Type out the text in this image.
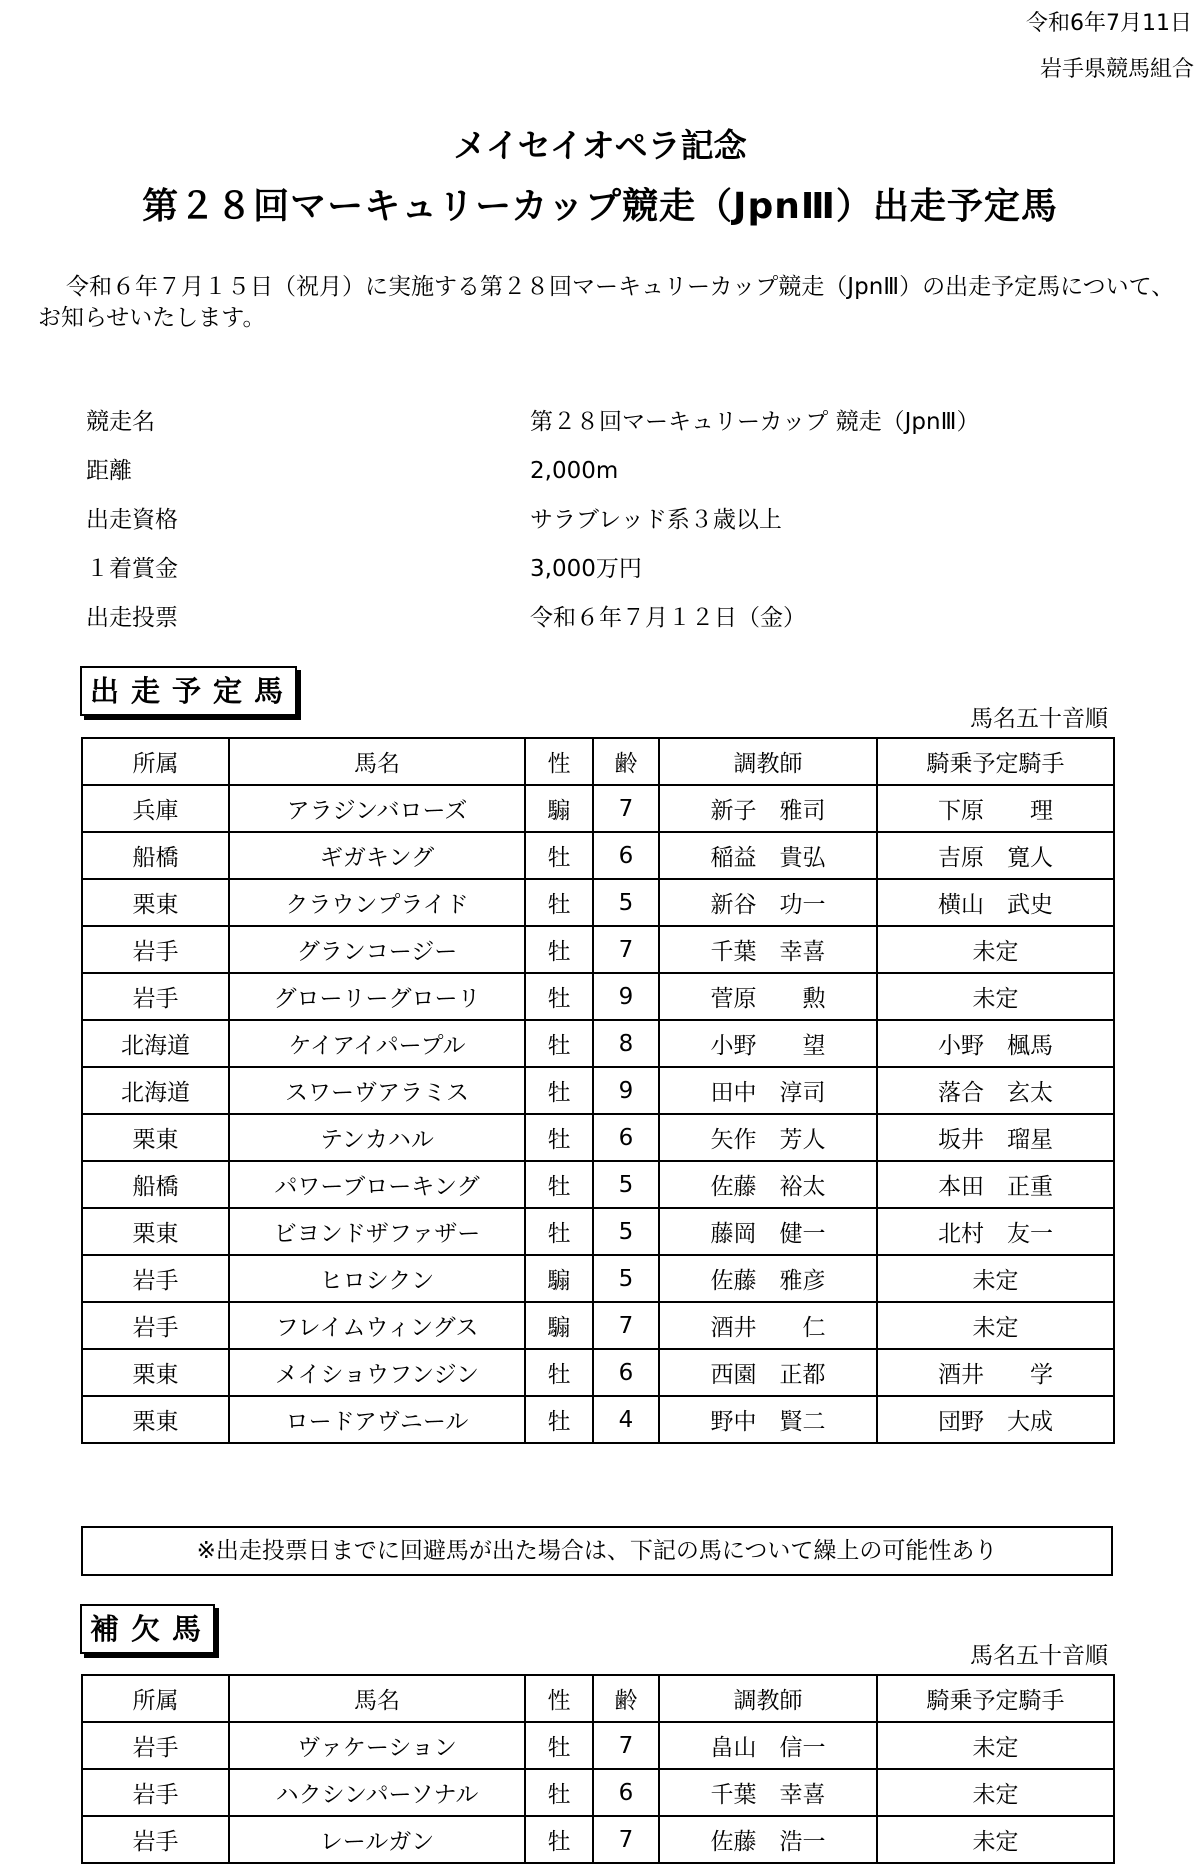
令和6年7月11日
岩手県競馬組合
メイセイオペラ記念
第２８回マーキュリーカップ競走（JpnⅢ）出走予定馬

令和６年７月１５日（祝月）に実施する第２８回マーキュリーカップ競走（JpnⅢ）の出走予定馬について、お知らせいたします。

競走名	第２８回マーキュリーカップ 競走（JpnⅢ）
距離	2,000m
出走資格	サラブレッド系３歳以上
１着賞金	3,000万円
出走投票	令和６年７月１２日（金）
出走予定馬
馬名五十音順
所属	馬名	性	齢	調教師	騎乗予定騎手
兵庫	アラジンバローズ	騸	7	新子　雅司	下原　　理
船橋	ギガキング	牡	6	稲益　貴弘	吉原　寛人
栗東	クラウンプライド	牡	5	新谷　功一	横山　武史
岩手	グランコージー	牡	7	千葉　幸喜	未定
岩手	グローリーグローリ	牡	9	菅原　　勲	未定
北海道	ケイアイパープル	牡	8	小野　　望	小野　楓馬
北海道	スワーヴアラミス	牡	9	田中　淳司	落合　玄太
栗東	テンカハル	牡	6	矢作　芳人	坂井　瑠星
船橋	パワーブローキング	牡	5	佐藤　裕太	本田　正重
栗東	ビヨンドザファザー	牡	5	藤岡　健一	北村　友一
岩手	ヒロシクン	騸	5	佐藤　雅彦	未定
岩手	フレイムウィングス	騸	7	酒井　　仁	未定
栗東	メイショウフンジン	牡	6	西園　正都	酒井　　学
栗東	ロードアヴニール	牡	4	野中　賢二	団野　大成
※出走投票日までに回避馬が出た場合は、下記の馬について繰上の可能性あり
補欠馬
馬名五十音順
所属	馬名	性	齢	調教師	騎乗予定騎手
岩手	ヴァケーション	牡	7	畠山　信一	未定
岩手	ハクシンパーソナル	牡	6	千葉　幸喜	未定
岩手	レールガン	牡	7	佐藤　浩一	未定
